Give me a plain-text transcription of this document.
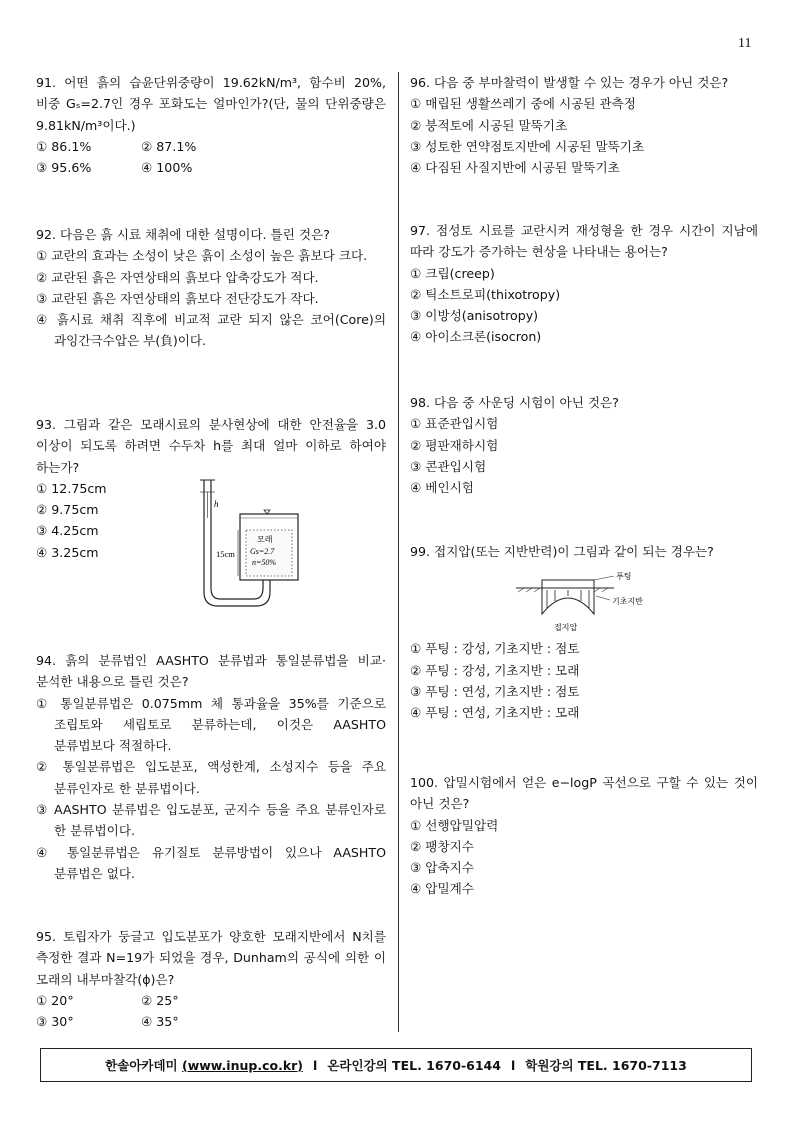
11

91. 어떤 흙의 습윤단위중량이 19.62kN/m³, 함수비 20%, 비중 Gₛ=2.7인 경우 포화도는 얼마인가?(단, 물의 단위중량은 9.81kN/m³이다.)

① 86.1%	② 87.1%
③ 95.6%	④ 100%

92. 다음은 흙 시료 채취에 대한 설명이다. 틀린 것은?

① 교란의 효과는 소성이 낮은 흙이 소성이 높은 흙보다 크다.

② 교란된 흙은 자연상태의 흙보다 압축강도가 적다.

③ 교란된 흙은 자연상태의 흙보다 전단강도가 작다.

④ 흙시료 채취 직후에 비교적 교란 되지 않은 코어(Core)의 과잉간극수압은 부(負)이다.

93. 그림과 같은 모래시료의 분사현상에 대한 안전율을 3.0 이상이 되도록 하려면 수두차 h를 최대 얼마 이하로 하여야 하는가?

① 12.75cm

② 9.75cm

③ 4.25cm

④ 3.25cm

h
15cm
모래
Gs=2.7
n=50%

94. 흙의 분류법인 AASHTO 분류법과 통일분류법을 비교·분석한 내용으로 틀린 것은?

① 통일분류법은 0.075mm 체 통과율을 35%를 기준으로 조립토와 세립토로 분류하는데, 이것은 AASHTO 분류법보다 적절하다.

② 통일분류법은 입도분포, 액성한계, 소성지수 등을 주요 분류인자로 한 분류법이다.

③ AASHTO 분류법은 입도분포, 군지수 등을 주요 분류인자로 한 분류법이다.

④ 통일분류법은 유기질토 분류방법이 있으나 AASHTO 분류법은 없다.

95. 토립자가 둥글고 입도분포가 양호한 모래지반에서 N치를 측정한 결과 N=19가 되었을 경우, Dunham의 공식에 의한 이 모래의 내부마찰각(ϕ)은?

① 20°	② 25°
③ 30°	④ 35°

96. 다음 중 부마찰력이 발생할 수 있는 경우가 아닌 것은?

① 매립된 생활쓰레기 중에 시공된 관측정

② 붕적토에 시공된 말뚝기초

③ 성토한 연약점토지반에 시공된 말뚝기초

④ 다짐된 사질지반에 시공된 말뚝기초

97. 점성토 시료를 교란시켜 재성형을 한 경우 시간이 지남에 따라 강도가 증가하는 현상을 나타내는 용어는?

① 크립(creep)

② 틱소트로피(thixotropy)

③ 이방성(anisotropy)

④ 아이소크론(isocron)

98. 다음 중 사운딩 시험이 아닌 것은?

① 표준관입시험

② 평판재하시험

③ 콘관입시험

④ 베인시험

99. 접지압(또는 지반반력)이 그림과 같이 되는 경우는?

푸팅
기초지반
접지압

① 푸팅 : 강성, 기초지반 : 점토

② 푸팅 : 강성, 기초지반 : 모래

③ 푸팅 : 연성, 기초지반 : 점토

④ 푸팅 : 연성, 기초지반 : 모래

100. 압밀시험에서 얻은 e−logP 곡선으로 구할 수 있는 것이 아닌 것은?

① 선행압밀압력

② 팽창지수

③ 압축지수

④ 압밀계수

한솔아카데미
(www.inup.co.kr) l 온라인강의 TEL. 1670-6144 l 학원강의 TEL. 1670-7113
